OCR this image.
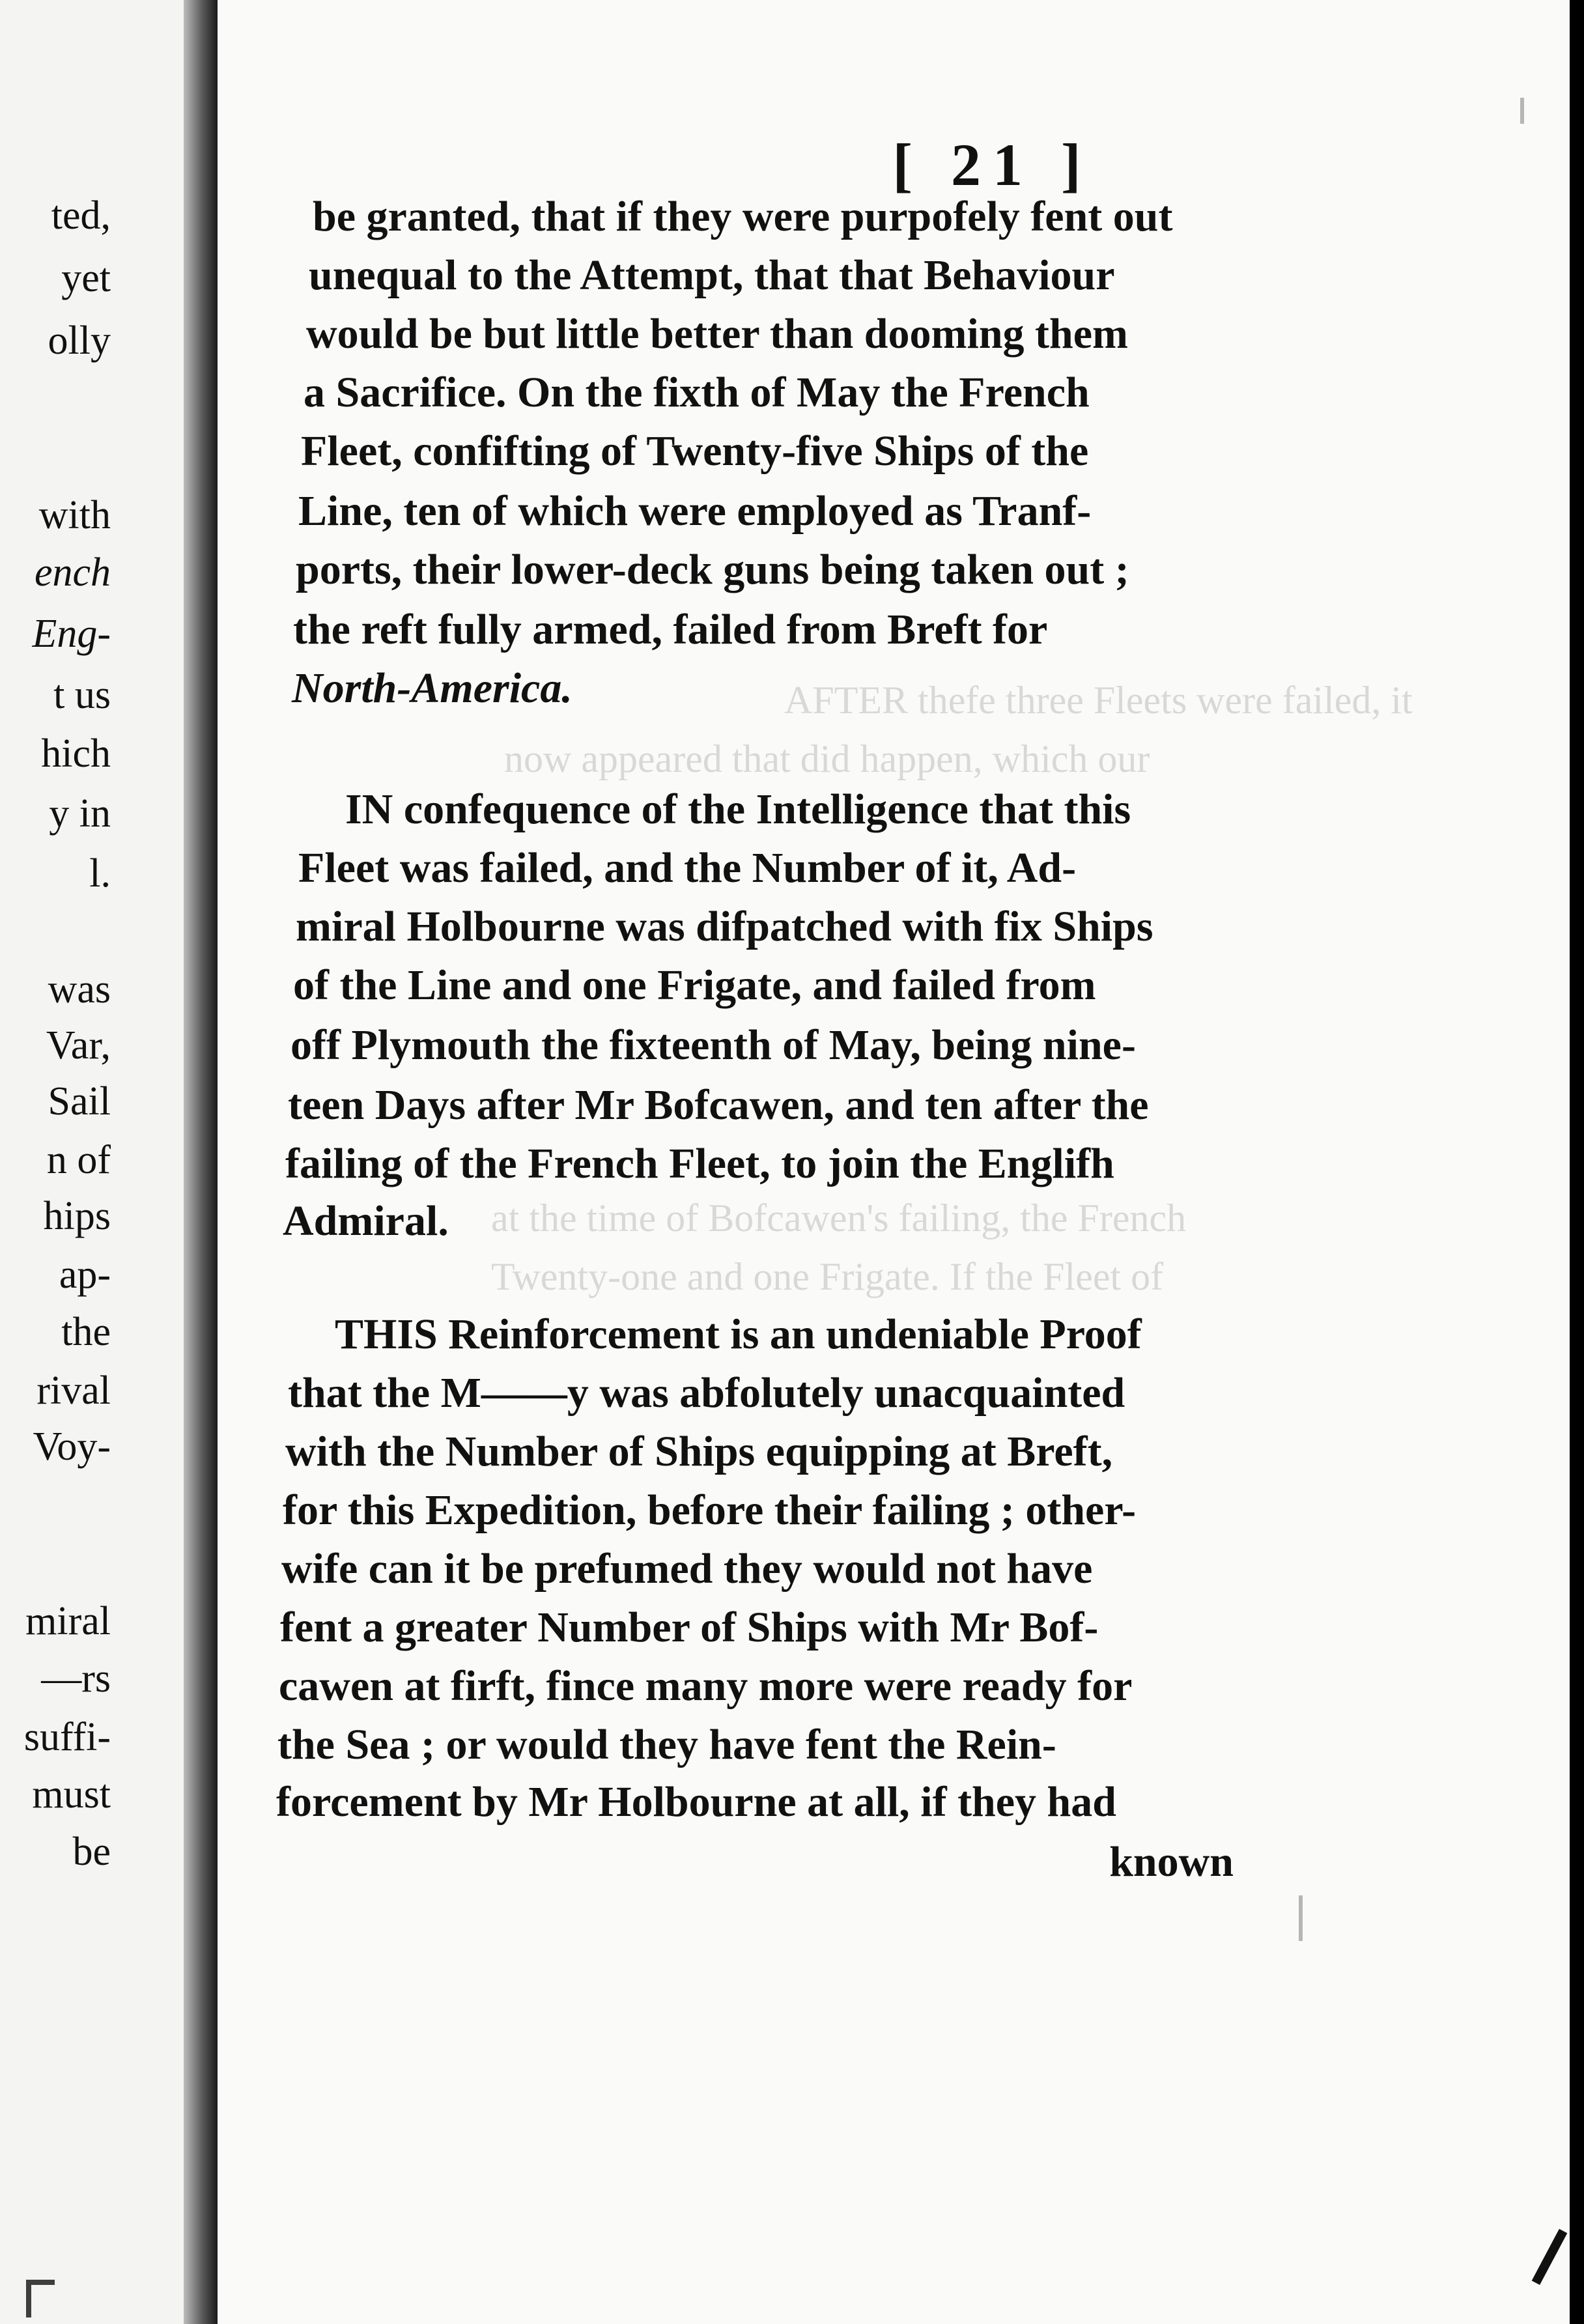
ted,
yet
olly
with
ench
Eng-
t us
hich
y in
l.
was
Var,
Sail
n of
hips
ap-
the
rival
Voy-
miral
—rs
suffi-
must
be
AFTER thefe three Fleets were failed, it
now appeared that did happen, which our
at the time of Bofcawen's failing, the French
Twenty-one and one Frigate. If the Fleet of
[ 21 ]
be granted, that if they were purpofely fent out
unequal to the Attempt, that that Behaviour
would be but little better than dooming them
a Sacrifice. On the fixth of May the French
Fleet, confifting of Twenty-five Ships of the
Line, ten of which were employed as Tranf-
ports, their lower-deck guns being taken out ;
the reft fully armed, failed from Breft for
North-America.
IN confequence of the Intelligence that this
Fleet was failed, and the Number of it, Ad-
miral Holbourne was difpatched with fix Ships
of the Line and one Frigate, and failed from
off Plymouth the fixteenth of May, being nine-
teen Days after Mr Bofcawen, and ten after the
failing of the French Fleet, to join the Englifh
Admiral.
THIS Reinforcement is an undeniable Proof
that the M——y was abfolutely unacquainted
with the Number of Ships equipping at Breft,
for this Expedition, before their failing ; other-
wife can it be prefumed they would not have
fent a greater Number of Ships with Mr Bof-
cawen at firft, fince many more were ready for
the Sea ; or would they have fent the Rein-
forcement by Mr Holbourne at all, if they had
known
